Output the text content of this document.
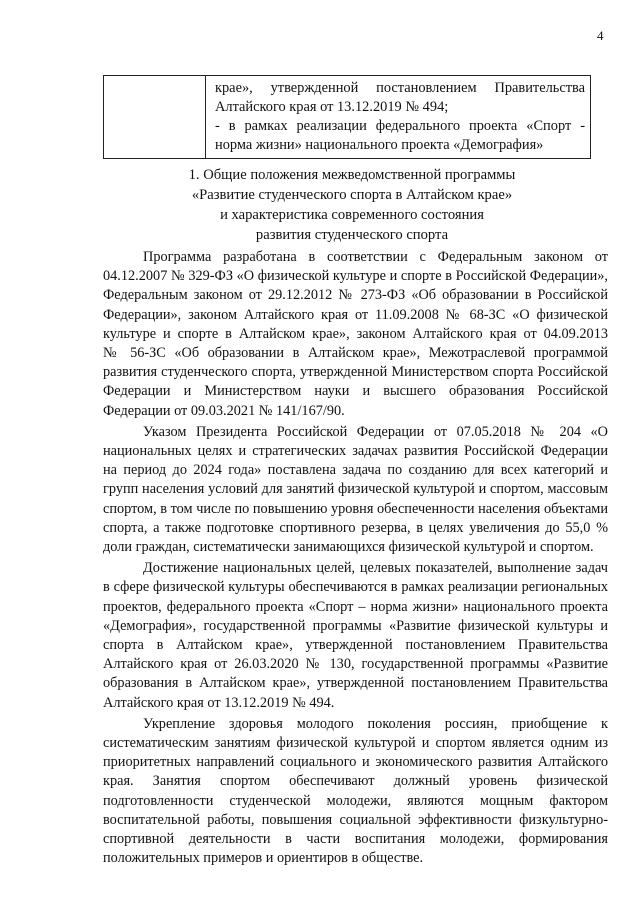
4

крае», утвержденной постановлением Правительства
Алтайского края от 13.12.2019 № 494;
- в рамках реализации федерального проекта «Спорт -
норма жизни» национального проекта «Демография»
1. Общие положения межведомственной программы
«Развитие студенческого спорта в Алтайском крае»
и характеристика современного состояния
развития студенческого спорта
Программа разработана в соответствии с Федеральным законом от
04.12.2007 № 329-ФЗ «О физической культуре и спорте в Российской Федерации»,
Федеральным законом от 29.12.2012 № 273-ФЗ «Об образовании в Российской
Федерации», законом Алтайского края от 11.09.2008 № 68-ЗС «О физической
культуре и спорте в Алтайском крае», законом Алтайского края от 04.09.2013
№ 56-ЗС «Об образовании в Алтайском крае», Межотраслевой программой
развития студенческого спорта, утвержденной Министерством спорта Российской
Федерации и Министерством науки и высшего образования Российской
Федерации от 09.03.2021 № 141/167/90.
Указом Президента Российской Федерации от 07.05.2018 № 204 «О
национальных целях и стратегических задачах развития Российской Федерации
на период до 2024 года» поставлена задача по созданию для всех категорий и
групп населения условий для занятий физической культурой и спортом, массовым
спортом, в том числе по повышению уровня обеспеченности населения объектами
спорта, а также подготовке спортивного резерва, в целях увеличения до 55,0 %
доли граждан, систематически занимающихся физической культурой и спортом.
Достижение национальных целей, целевых показателей, выполнение задач
в сфере физической культуры обеспечиваются в рамках реализации региональных
проектов, федерального проекта «Спорт – норма жизни» национального проекта
«Демография», государственной программы «Развитие физической культуры и
спорта в Алтайском крае», утвержденной постановлением Правительства
Алтайского края от 26.03.2020 № 130, государственной программы «Развитие
образования в Алтайском крае», утвержденной постановлением Правительства
Алтайского края от 13.12.2019 № 494.
Укрепление здоровья молодого поколения россиян, приобщение к
систематическим занятиям физической культурой и спортом является одним из
приоритетных направлений социального и экономического развития Алтайского
края. Занятия спортом обеспечивают должный уровень физической
подготовленности студенческой молодежи, являются мощным фактором
воспитательной работы, повышения социальной эффективности физкультурно-
спортивной деятельности в части воспитания молодежи, формирования
положительных примеров и ориентиров в обществе.
